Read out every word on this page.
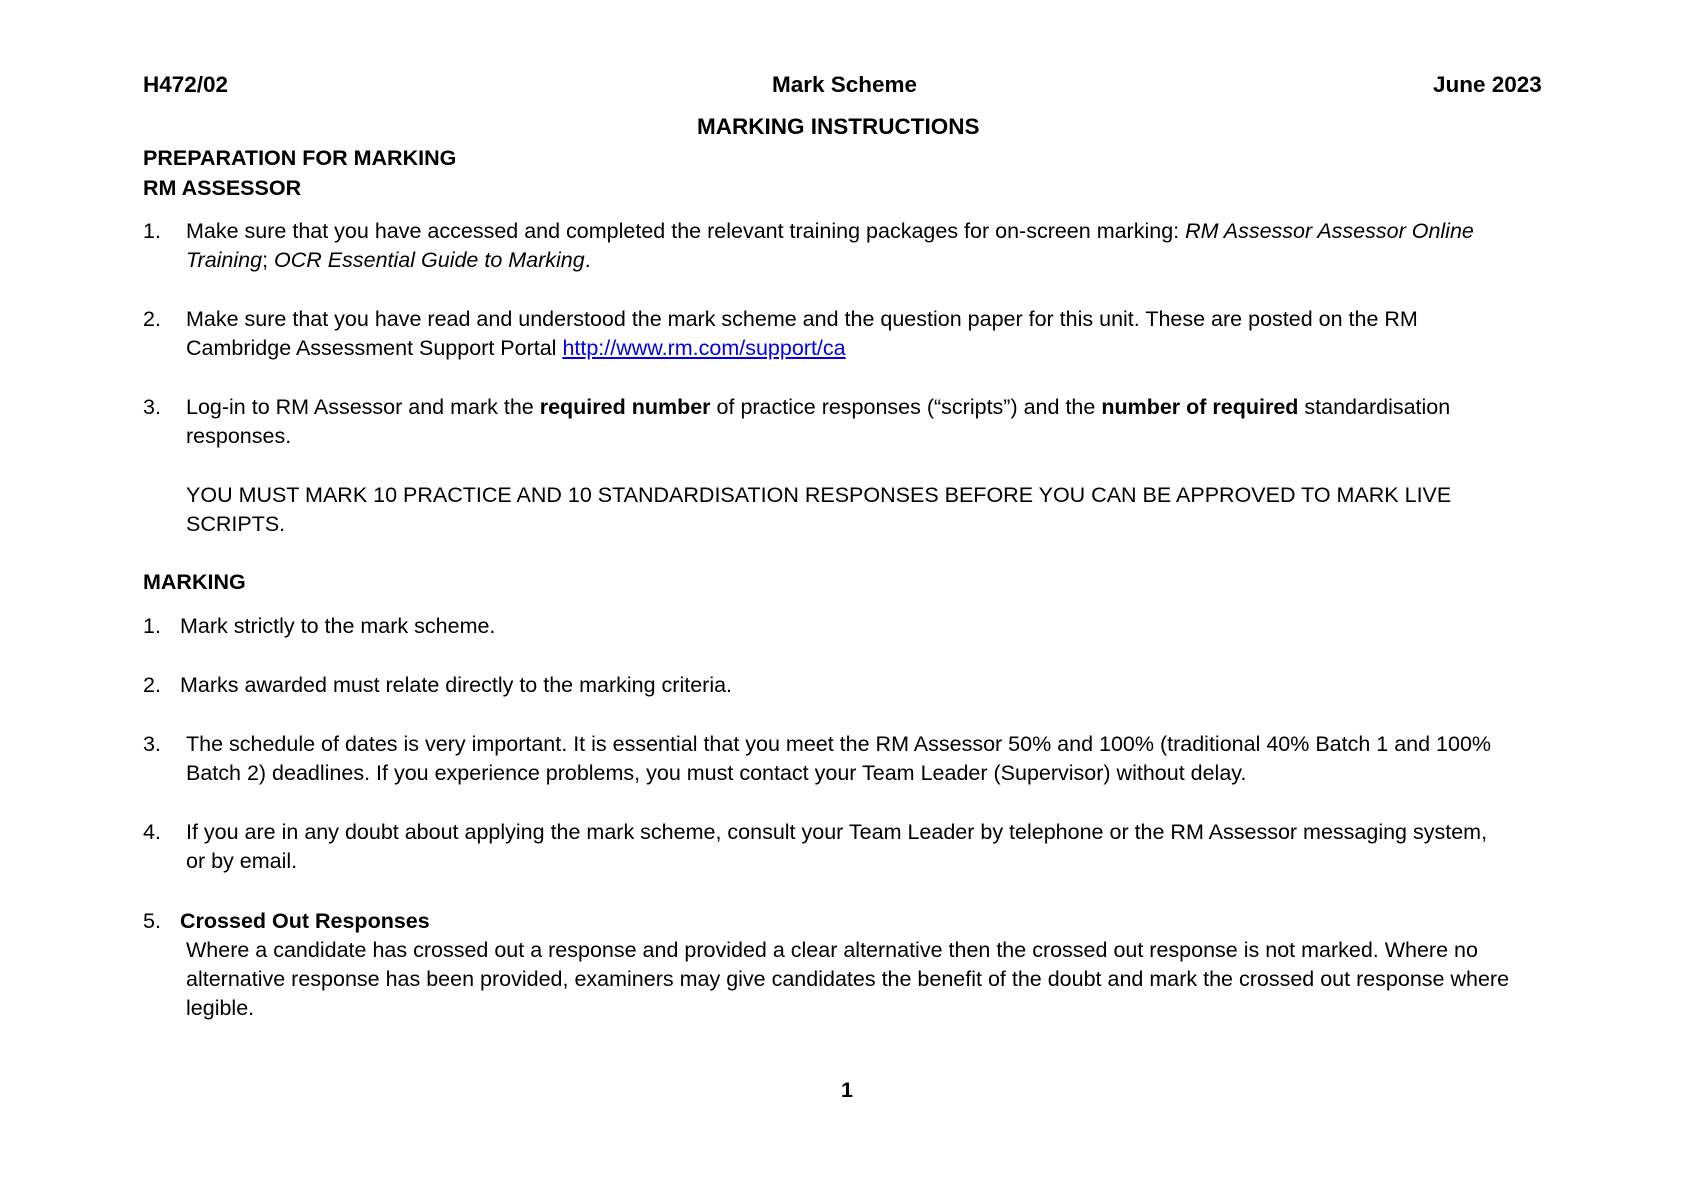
H472/02	Mark Scheme	June 2023
MARKING INSTRUCTIONS
PREPARATION FOR MARKING
RM ASSESSOR
1. Make sure that you have accessed and completed the relevant training packages for on-screen marking: RM Assessor Assessor Online
Training; OCR Essential Guide to Marking.
2. Make sure that you have read and understood the mark scheme and the question paper for this unit. These are posted on the RM
Cambridge Assessment Support Portal http://www.rm.com/support/ca
3. Log-in to RM Assessor and mark the required number of practice responses (“scripts”) and the number of required standardisation
responses.
YOU MUST MARK 10 PRACTICE AND 10 STANDARDISATION RESPONSES BEFORE YOU CAN BE APPROVED TO MARK LIVE
SCRIPTS.
MARKING
1. Mark strictly to the mark scheme.
2. Marks awarded must relate directly to the marking criteria.
3. The schedule of dates is very important. It is essential that you meet the RM Assessor 50% and 100% (traditional 40% Batch 1 and 100%
Batch 2) deadlines. If you experience problems, you must contact your Team Leader (Supervisor) without delay.
4. If you are in any doubt about applying the mark scheme, consult your Team Leader by telephone or the RM Assessor messaging system,
or by email.
5. Crossed Out Responses
Where a candidate has crossed out a response and provided a clear alternative then the crossed out response is not marked. Where no
alternative response has been provided, examiners may give candidates the benefit of the doubt and mark the crossed out response where
legible.
1
